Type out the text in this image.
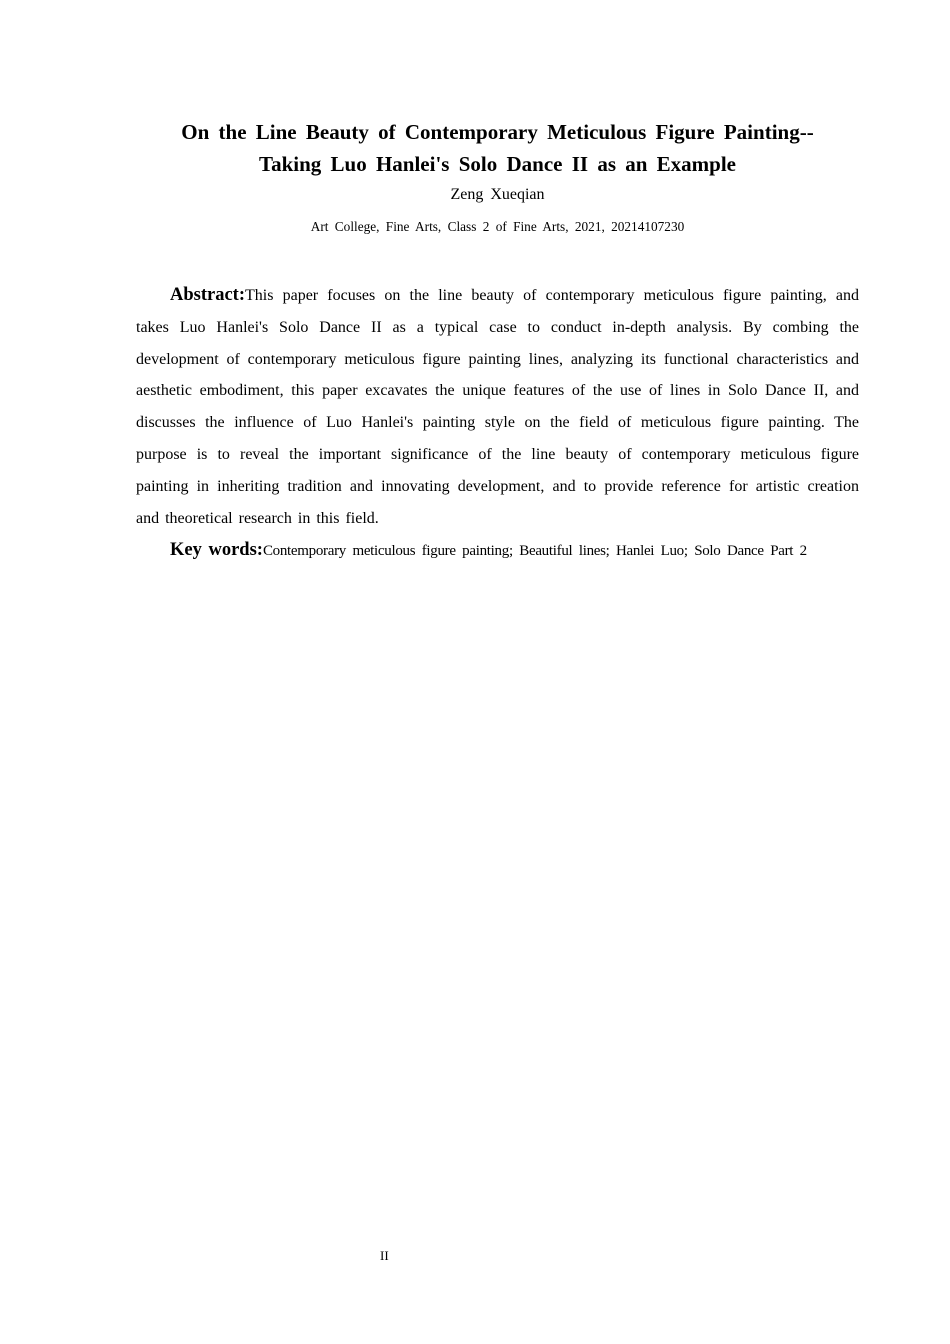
On the Line Beauty of Contemporary Meticulous Figure Painting--
Taking Luo Hanlei's Solo Dance II as an Example

Zeng Xueqian

Art College, Fine Arts, Class 2 of Fine Arts, 2021, 20214107230

Abstract:This paper focuses on the line beauty of contemporary meticulous figure painting, and takes Luo Hanlei's Solo Dance II as a typical case to conduct in-depth analysis. By combing the development of contemporary meticulous figure painting lines, analyzing its functional characteristics and aesthetic embodiment, this paper excavates the unique features of the use of lines in Solo Dance II, and discusses the influence of Luo Hanlei's painting style on the field of meticulous figure painting. The purpose is to reveal the important significance of the line beauty of contemporary meticulous figure painting in inheriting tradition and innovating development, and to provide reference for artistic creation and theoretical research in this field.

Key words:Contemporary meticulous figure painting; Beautiful lines; Hanlei Luo; Solo Dance Part 2

II
